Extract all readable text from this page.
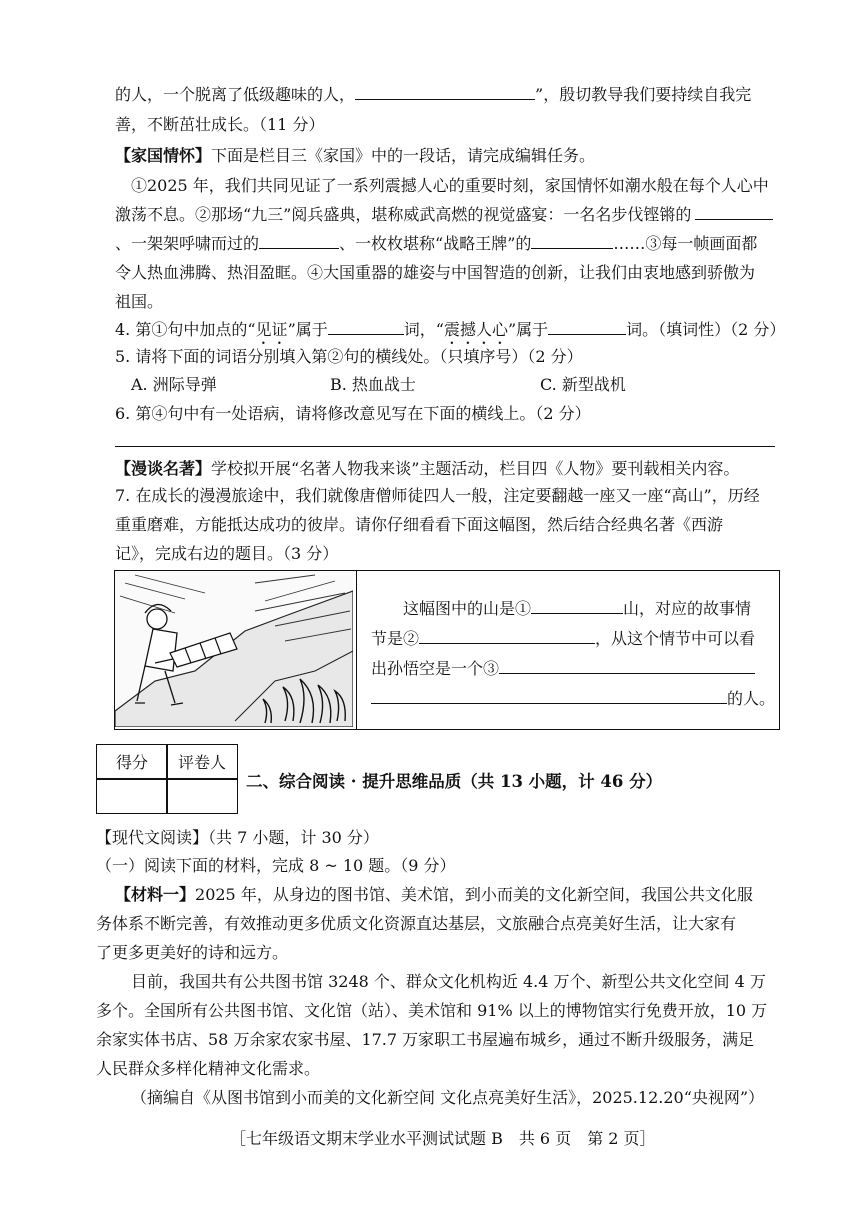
的人，一个脱离了低级趣味的人，	”，殷切教导我们要持续自我完
善，不断茁壮成长。（11 分）
【家国情怀】下面是栏目三《家国》中的一段话，请完成编辑任务。
①2025 年，我们共同见证了一系列震撼人心的重要时刻，家国情怀如潮水般在每个人心中
激荡不息。②那场“九三”阅兵盛典，堪称威武高燃的视觉盛宴：一名名步伐铿锵的
、一架架呼啸而过的	、一枚枚堪称“战略王牌”的	……③每一帧画面都
令人热血沸腾、热泪盈眶。④大国重器的雄姿与中国智造的创新，让我们由衷地感到骄傲为
祖国。
4. 第①句中加点的“见证”属于	词，“震撼人心”属于	词。（填词性）（2 分）
5. 请将下面的词语分别填入第②句的横线处。（只填序号）（2 分）
A. 洲际导弹	B. 热血战士	C. 新型战机
6. 第④句中有一处语病，请将修改意见写在下面的横线上。（2 分）
【漫谈名著】学校拟开展“名著人物我来谈”主题活动，栏目四《人物》要刊载相关内容。
7. 在成长的漫漫旅途中，我们就像唐僧师徒四人一般，注定要翻越一座又一座“高山”，历经
重重磨难，方能抵达成功的彼岸。请你仔细看看下面这幅图，然后结合经典名著《西游
记》，完成右边的题目。（3 分）
这幅图中的山是①	山，对应的故事情
节是②	，从这个情节中可以看
出孙悟空是一个③
的人。
得分	评卷人
二、综合阅读 · 提升思维品质（共 13 小题，计 46 分）
【现代文阅读】（共 7 小题，计 30 分）
（一）阅读下面的材料，完成 8 ~ 10 题。（9 分）
【材料一】2025 年，从身边的图书馆、美术馆，到小而美的文化新空间，我国公共文化服
务体系不断完善，有效推动更多优质文化资源直达基层，文旅融合点亮美好生活，让大家有
了更多更美好的诗和远方。
目前，我国共有公共图书馆 3248 个、群众文化机构近 4.4 万个、新型公共文化空间 4 万
多个。全国所有公共图书馆、文化馆（站）、美术馆和 91% 以上的博物馆实行免费开放，10 万
余家实体书店、58 万余家农家书屋、17.7 万家职工书屋遍布城乡，通过不断升级服务，满足
人民群众多样化精神文化需求。
（摘编自《从图书馆到小而美的文化新空间 文化点亮美好生活》，2025.12.20“央视网”）
［七年级语文期末学业水平测试试题 B　共 6 页　第 2 页］
